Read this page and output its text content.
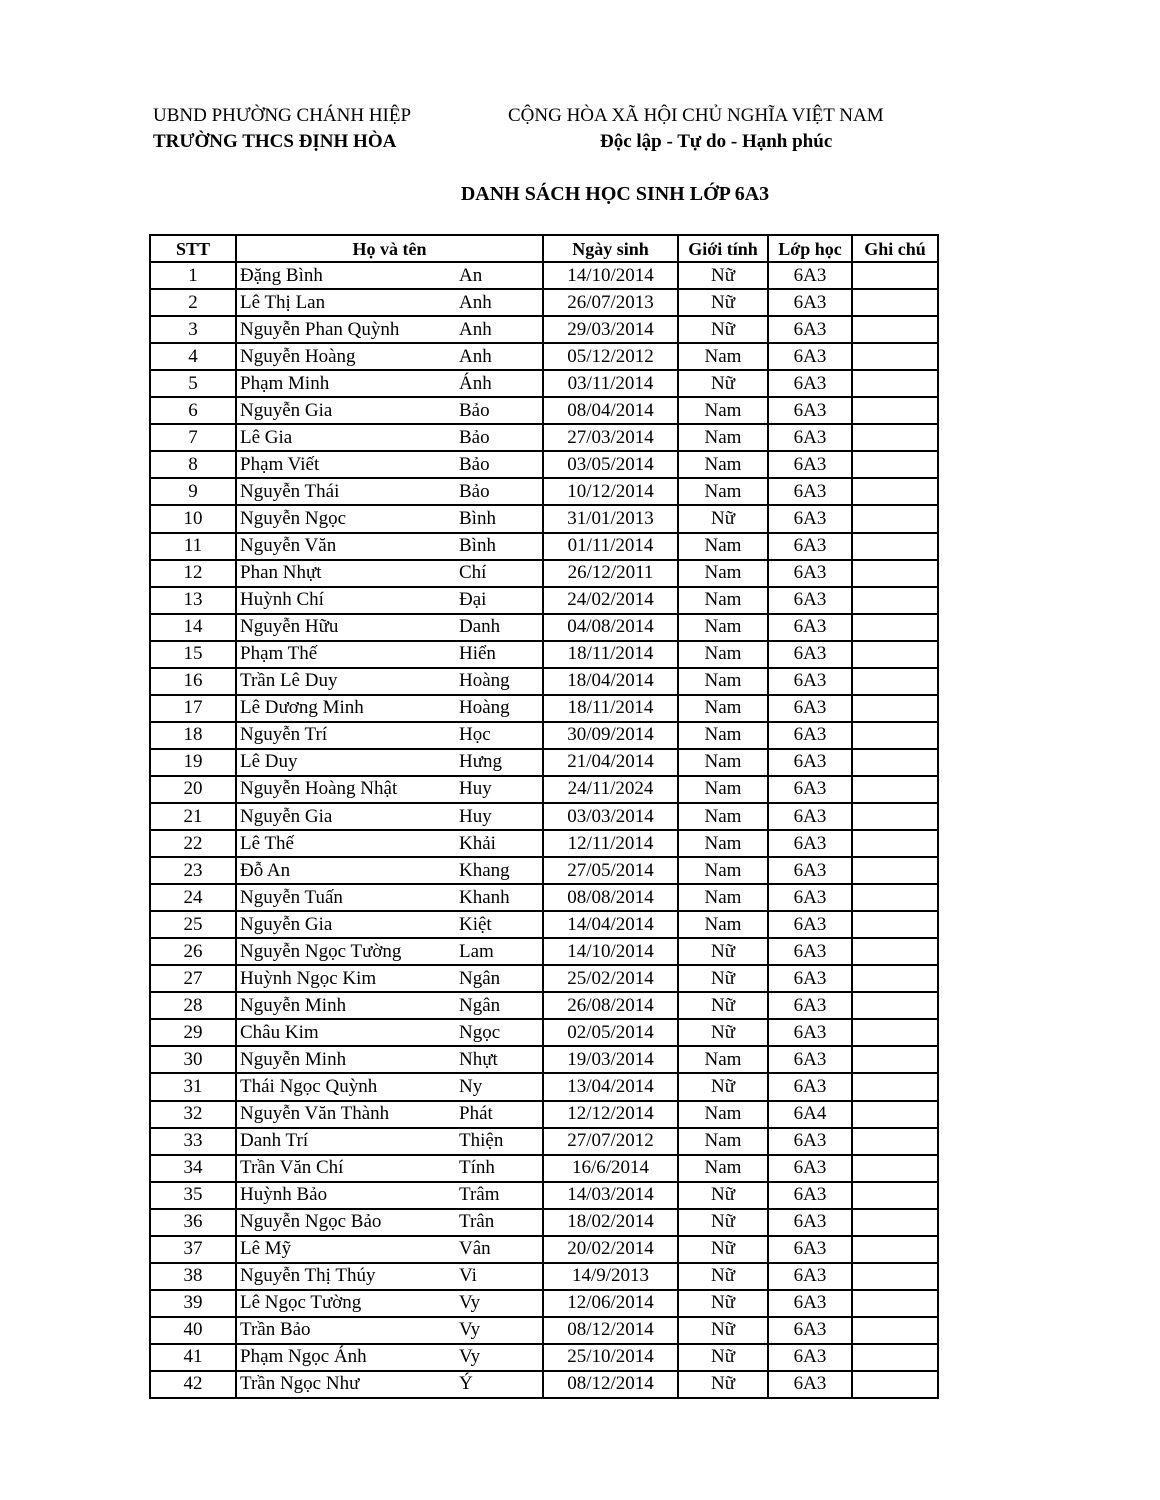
UBND PHƯỜNG CHÁNH HIỆP
TRƯỜNG THCS ĐỊNH HÒA
CỘNG HÒA XÃ HỘI CHỦ NGHĨA VIỆT NAM
Độc lập - Tự do - Hạnh phúc
DANH SÁCH HỌC SINH LỚP 6A3
STT	Họ và tên		Ngày sinh	Giới tính	Lớp học	Ghi chú
1	Đặng Bình	An	14/10/2014	Nữ	6A3	
2	Lê Thị Lan	Anh	26/07/2013	Nữ	6A3	
3	Nguyễn Phan Quỳnh	Anh	29/03/2014	Nữ	6A3	
4	Nguyễn Hoàng	Anh	05/12/2012	Nam	6A3	
5	Phạm Minh	Ánh	03/11/2014	Nữ	6A3	
6	Nguyễn Gia	Bảo	08/04/2014	Nam	6A3	
7	Lê Gia	Bảo	27/03/2014	Nam	6A3	
8	Phạm Viết	Bảo	03/05/2014	Nam	6A3	
9	Nguyễn Thái	Bảo	10/12/2014	Nam	6A3	
10	Nguyễn Ngọc	Bình	31/01/2013	Nữ	6A3	
11	Nguyễn Văn	Bình	01/11/2014	Nam	6A3	
12	Phan Nhựt	Chí	26/12/2011	Nam	6A3	
13	Huỳnh Chí	Đại	24/02/2014	Nam	6A3	
14	Nguyễn Hữu	Danh	04/08/2014	Nam	6A3	
15	Phạm Thế	Hiển	18/11/2014	Nam	6A3	
16	Trần Lê Duy	Hoàng	18/04/2014	Nam	6A3	
17	Lê Dương Minh	Hoàng	18/11/2014	Nam	6A3	
18	Nguyễn Trí	Học	30/09/2014	Nam	6A3	
19	Lê Duy	Hưng	21/04/2014	Nam	6A3	
20	Nguyễn Hoàng Nhật	Huy	24/11/2024	Nam	6A3	
21	Nguyễn Gia	Huy	03/03/2014	Nam	6A3	
22	Lê Thế	Khải	12/11/2014	Nam	6A3	
23	Đỗ An	Khang	27/05/2014	Nam	6A3	
24	Nguyễn Tuấn	Khanh	08/08/2014	Nam	6A3	
25	Nguyễn Gia	Kiệt	14/04/2014	Nam	6A3	
26	Nguyễn Ngọc Tường	Lam	14/10/2014	Nữ	6A3	
27	Huỳnh Ngọc Kim	Ngân	25/02/2014	Nữ	6A3	
28	Nguyễn Minh	Ngân	26/08/2014	Nữ	6A3	
29	Châu Kim	Ngọc	02/05/2014	Nữ	6A3	
30	Nguyễn Minh	Nhựt	19/03/2014	Nam	6A3	
31	Thái Ngọc Quỳnh	Ny	13/04/2014	Nữ	6A3	
32	Nguyễn Văn Thành	Phát	12/12/2014	Nam	6A4	
33	Danh Trí	Thiện	27/07/2012	Nam	6A3	
34	Trần Văn Chí	Tính	16/6/2014	Nam	6A3	
35	Huỳnh Bảo	Trâm	14/03/2014	Nữ	6A3	
36	Nguyễn Ngọc Bảo	Trân	18/02/2014	Nữ	6A3	
37	Lê Mỹ	Vân	20/02/2014	Nữ	6A3	
38	Nguyễn Thị Thúy	Vi	14/9/2013	Nữ	6A3	
39	Lê Ngọc Tường	Vy	12/06/2014	Nữ	6A3	
40	Trần Bảo	Vy	08/12/2014	Nữ	6A3	
41	Phạm Ngọc Ánh	Vy	25/10/2014	Nữ	6A3	
42	Trần Ngọc Như	Ý	08/12/2014	Nữ	6A3	
